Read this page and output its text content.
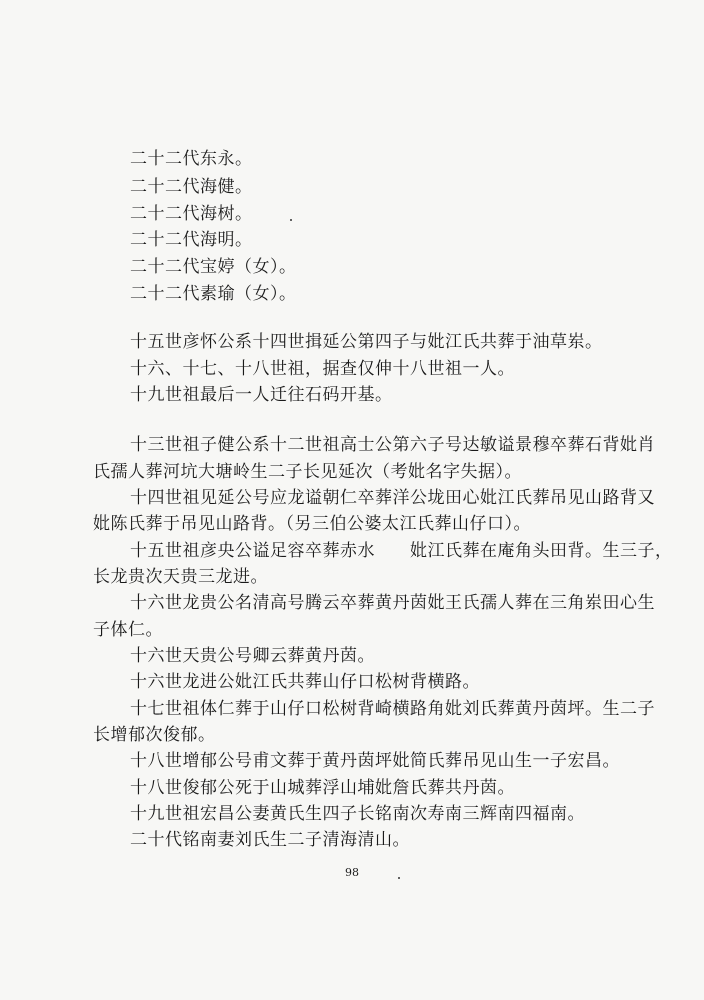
二十二代东永。
二十二代海健。
二十二代海树。
二十二代海明。
二十二代宝婷（女）。
二十二代素瑜（女）。
十五世彦怀公系十四世揖延公第四子与妣江氏共葬于油草岽。
十六、十七、十八世祖，据查仅伸十八世祖一人。
十九世祖最后一人迁往石码开基。
十三世祖子健公系十二世祖高士公第六子号达敏谥景穆卒葬石背妣肖
氏孺人葬河坑大塘岭生二子长见延次（考妣名字失据）。
十四世祖见延公号应龙谥朝仁卒葬洋公垅田心妣江氏葬吊见山路背又
妣陈氏葬于吊见山路背。（另三伯公婆太江氏葬山仔口）。
十五世祖彦央公谥足容卒葬赤水　　妣江氏葬在庵角头田背。生三子，
长龙贵次天贵三龙进。
十六世龙贵公名清高号腾云卒葬黄丹茵妣王氏孺人葬在三角岽田心生
子体仁。
十六世天贵公号卿云葬黄丹茵。
十六世龙进公妣江氏共葬山仔口松树背横路。
十七世祖体仁葬于山仔口松树背崎横路角妣刘氏葬黄丹茵坪。生二子
长增郁次俊郁。
十八世增郁公号甫文葬于黄丹茵坪妣简氏葬吊见山生一子宏昌。
十八世俊郁公死于山城葬浮山埔妣詹氏葬共丹茵。
十九世祖宏昌公妻黄氏生四子长铭南次寿南三辉南四福南。
二十代铭南妻刘氏生二子清海清山。
98
